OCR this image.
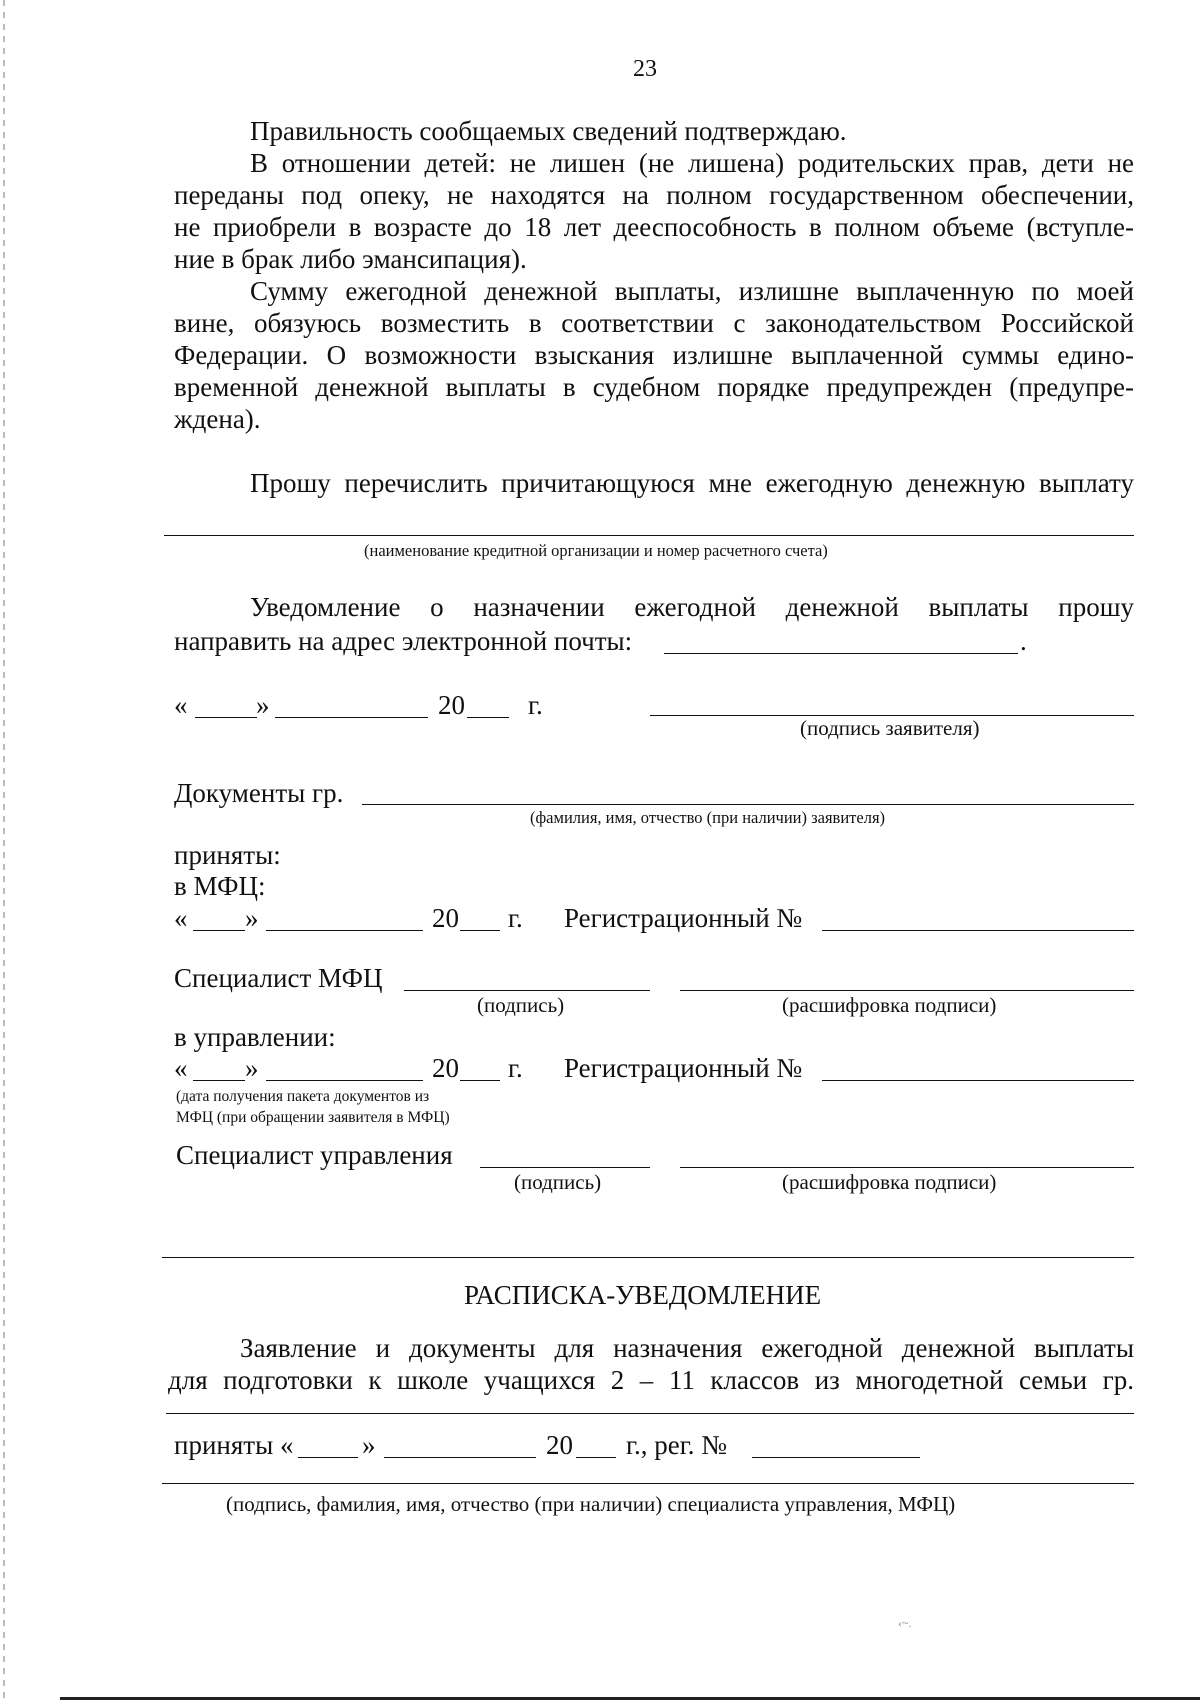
23
Правильность сообщаемых сведений подтверждаю.
В отношении детей: не лишен (не лишена) родительских прав, дети не
переданы под опеку, не находятся на полном государственном обеспечении,
не приобрели в возрасте до 18 лет дееспособность в полном объеме (вступле-
ние в брак либо эмансипация).
Сумму ежегодной денежной выплаты, излишне выплаченную по моей
вине, обязуюсь возместить в соответствии с законодательством Российской
Федерации. О возможности взыскания излишне выплаченной суммы едино-
временной денежной выплаты в судебном порядке предупрежден (предупре-
ждена).
Прошу перечислить причитающуюся мне ежегодную денежную выплату
(наименование кредитной организации и номер расчетного счета)
Уведомление о назначении ежегодной денежной выплаты прошу
направить на адрес электронной почты:	.
«	»	20 г.
(подпись заявителя)
Документы гр.
(фамилия, имя, отчество (при наличии) заявителя)
приняты:
в МФЦ:
« »	20 г. Регистрационный №
Специалист МФЦ
(подпись)	(расшифровка подписи)
в управлении:
« »	20 г. Регистрационный №
(дата получения пакета документов из
МФЦ (при обращении заявителя в МФЦ)
Специалист управления
(подпись)	(расшифровка подписи)
РАСПИСКА-УВЕДОМЛЕНИЕ
Заявление и документы для назначения ежегодной денежной выплаты
для подготовки к школе учащихся 2 – 11 классов из многодетной семьи гр.
приняты «	»	20 г., рег. №
(подпись, фамилия, имя, отчество (при наличии) специалиста управления, МФЦ)
‹~.
